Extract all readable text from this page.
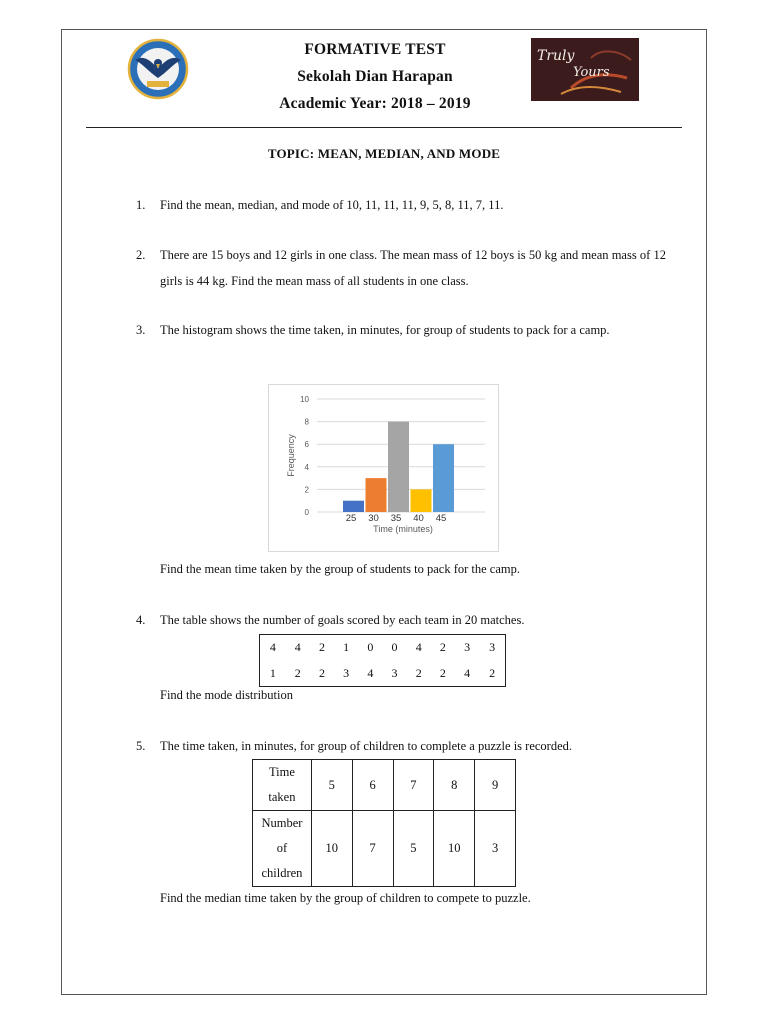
FORMATIVE TEST
Sekolah Dian Harapan
Academic Year: 2018 – 2019
Truly
Yours
TOPIC: MEAN, MEDIAN, AND MODE
1.	Find the mean, median, and mode of 10, 11, 11, 11, 9, 5, 8, 11, 7, 11.
2.	There are 15 boys and 12 girls in one class. The mean mass of 12 boys is 50 kg and mean mass of 12 girls is 44 kg. Find the mean mass of all students in one class.
3.	The histogram shows the time taken, in minutes, for group of students to pack for a camp.
0
2
4
6
8
10
25 30 35 40 45
Time (minutes)
Frequency
Find the mean time taken by the group of students to pack for the camp.
4.	The table shows the number of goals scored by each team in 20 matches.
4	4	2	1	0	0	4	2	3	3
1	2	2	3	4	3	2	2	4	2
Find the mode distribution
5.	The time taken, in minutes, for group of children to complete a puzzle is recorded.
Time
taken	5	6	7	8	9

Number
of
children	10	7	5	10	3
Find the median time taken by the group of children to compete to puzzle.
